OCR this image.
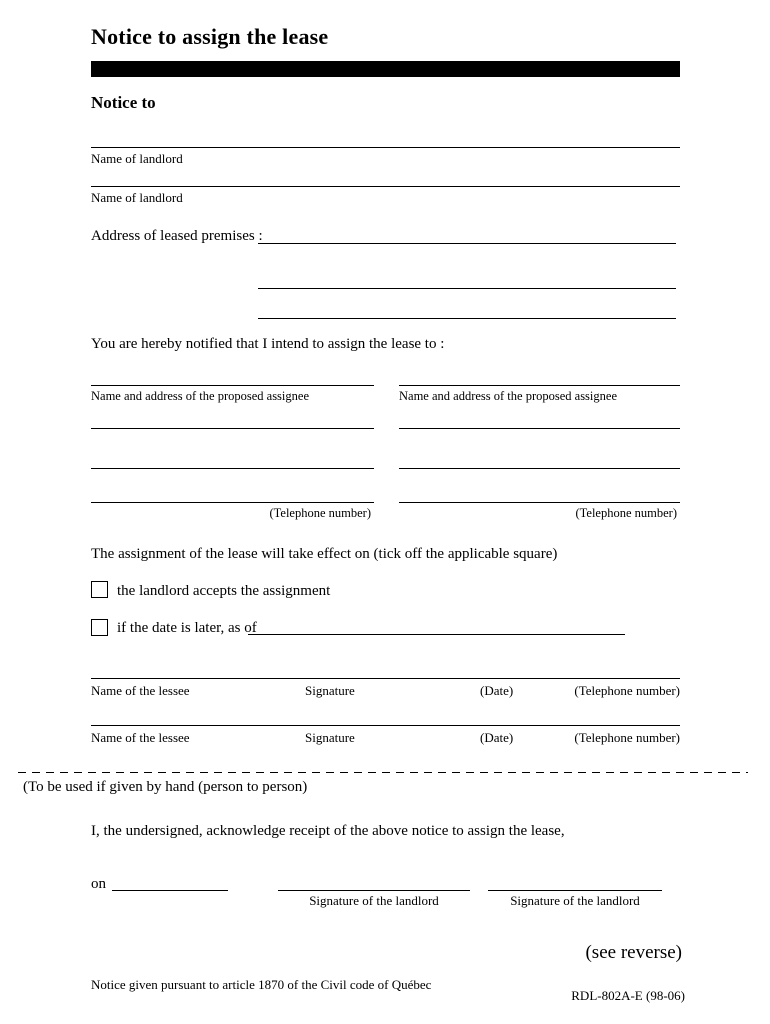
Notice to assign the lease
Notice to
Name of landlord
Name of landlord
Address of leased premises :
You are hereby notified that I intend to assign the lease to :
Name and address of the proposed assignee
(Telephone number)
Name and address of the proposed assignee
(Telephone number)
The assignment of the lease will take effect on (tick off the applicable square)
the landlord accepts the assignment
if the date is later, as of
Name of the lessee	Signature	(Date)	(Telephone number)
Name of the lessee	Signature	(Date)	(Telephone number)
(To be used if given by hand (person to person)
I, the undersigned, acknowledge receipt of the above notice to assign the lease,
on
Signature of the landlord	Signature of the landlord
(see reverse)
Notice given pursuant to article 1870 of the Civil code of Québec
RDL-802A-E (98-06)
